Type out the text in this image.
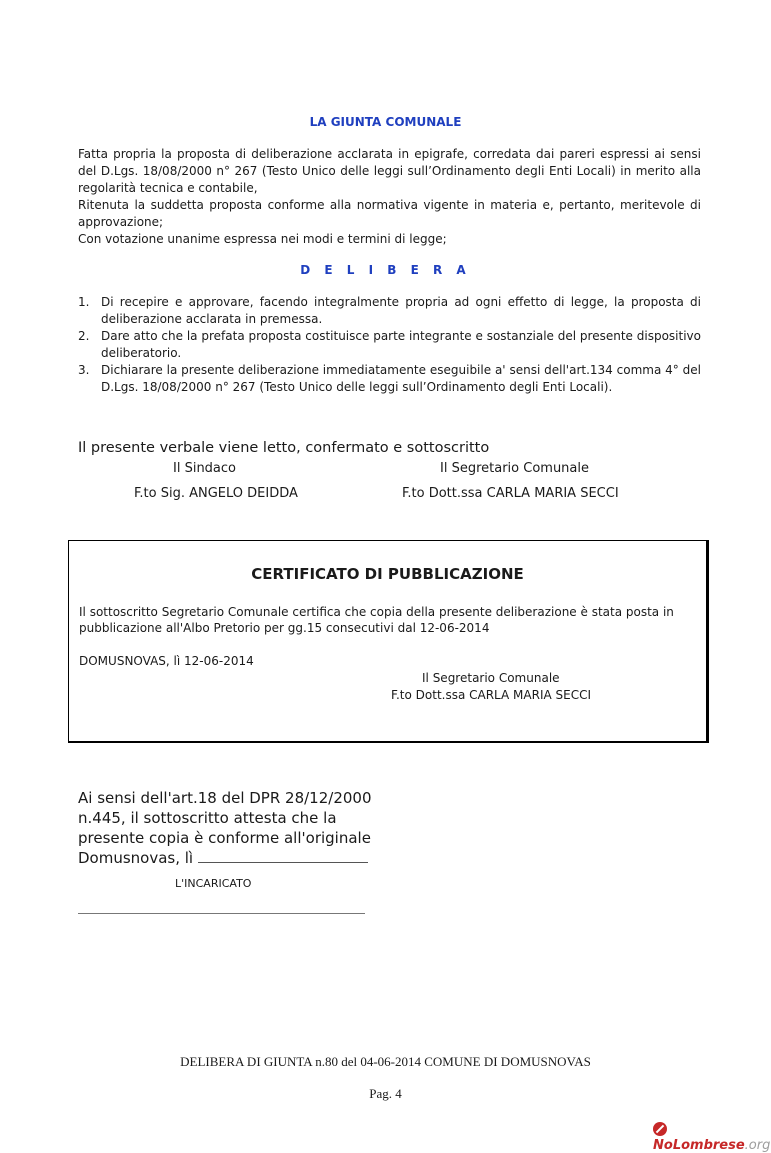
LA GIUNTA COMUNALE

Fatta propria la proposta di deliberazione acclarata in epigrafe, corredata dai pareri espressi ai sensi del D.Lgs. 18/08/2000 n° 267 (Testo Unico delle leggi sull’Ordinamento degli Enti Locali) in merito alla regolarità tecnica e contabile,

Ritenuta la suddetta proposta conforme alla normativa vigente in materia e, pertanto, meritevole di approvazione;

Con votazione unanime espressa nei modi e termini di legge;

D E L I B E R A
1. Di recepire e approvare, facendo integralmente propria ad ogni effetto di legge, la proposta di deliberazione acclarata in premessa.
2. Dare atto che la prefata proposta costituisce parte integrante e sostanziale del presente dispositivo deliberatorio.
3. Dichiarare la presente deliberazione immediatamente eseguibile a' sensi dell'art.134 comma 4° del D.Lgs. 18/08/2000 n° 267 (Testo Unico delle leggi sull’Ordinamento degli Enti Locali).
Il presente verbale viene letto, confermato e sottoscritto
Il Sindaco	Il Segretario Comunale
F.to Sig. ANGELO DEIDDA	F.to Dott.ssa CARLA MARIA SECCI
CERTIFICATO DI PUBBLICAZIONE
Il sottoscritto Segretario Comunale certifica che copia della presente deliberazione è stata posta in pubblicazione all'Albo Pretorio per gg.15 consecutivi dal 12-06-2014
DOMUSNOVAS, lì 12-06-2014
Il Segretario Comunale
F.to Dott.ssa CARLA MARIA SECCI

Ai sensi dell'art.18 del DPR 28/12/2000

n.445, il sottoscritto attesta che la

presente copia è conforme all'originale

Domusnovas, lì

L'INCARICATO
DELIBERA DI GIUNTA n.80 del 04-06-2014 COMUNE DI DOMUSNOVAS
Pag. 4
NoLombrese.org
